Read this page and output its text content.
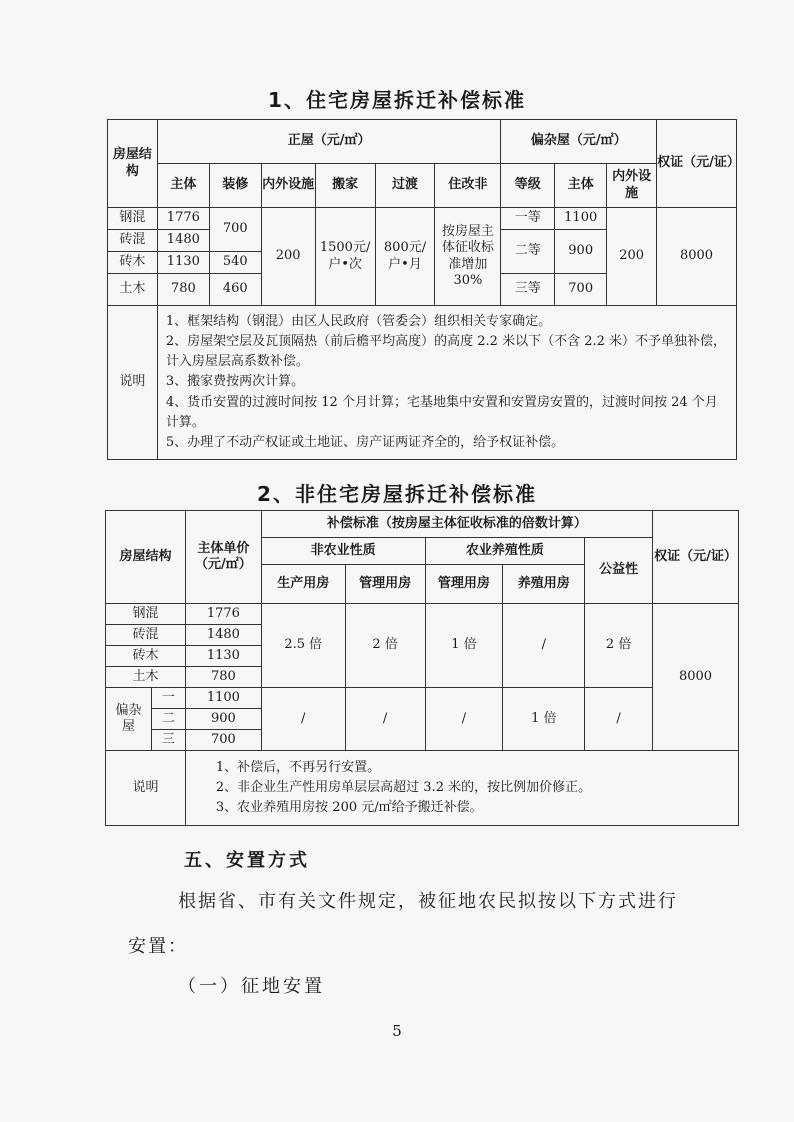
1、住宅房屋拆迁补偿标准
房屋结构	正屋（元/㎡）						偏杂屋（元/㎡）			权证（元/证）
	主体	装修	内外设施	搬家	过渡	住改非	等级	主体	内外设施	
钢混	1776	700	200	1500元/户•次	800元/户•月	按房屋主体征收标准增加30%	一等	1100	200	8000
砖混	1480						二等	900		
砖木	1130	540								
土木	780	460					三等	700		
说明	1、框架结构（钢混）由区人民政府（管委会）组织相关专家确定。
2、房屋架空层及瓦顶隔热（前后檐平均高度）的高度 2.2 米以下（不含 2.2 米）不予单独补偿，计入房屋层高系数补偿。
3、搬家费按两次计算。
4、货币安置的过渡时间按 12 个月计算；宅基地集中安置和安置房安置的，过渡时间按 24 个月计算。
5、办理了不动产权证或土地证、房产证两证齐全的，给予权证补偿。									
2、非住宅房屋拆迁补偿标准
房屋结构		主体单价（元/㎡）	补偿标准（按房屋主体征收标准的倍数计算）					权证（元/证）
			非农业性质		农业养殖性质		公益性	
			生产用房	管理用房	管理用房	养殖用房		
钢混		1776	2.5 倍	2 倍	1 倍	/	2 倍	8000
砖混		1480						
砖木		1130						
土木		780						
偏杂屋	一	1100	/	/	/	1 倍	/	
	二	900						
	三	700						
说明		1、补偿后，不再另行安置。
2、非企业生产性用房单层层高超过 3.2 米的，按比例加价修正。
3、农业养殖用房按 200 元/㎡给予搬迁补偿。						
五、安置方式
根据省、市有关文件规定，被征地农民拟按以下方式进行
安置：
（一）征地安置
5
